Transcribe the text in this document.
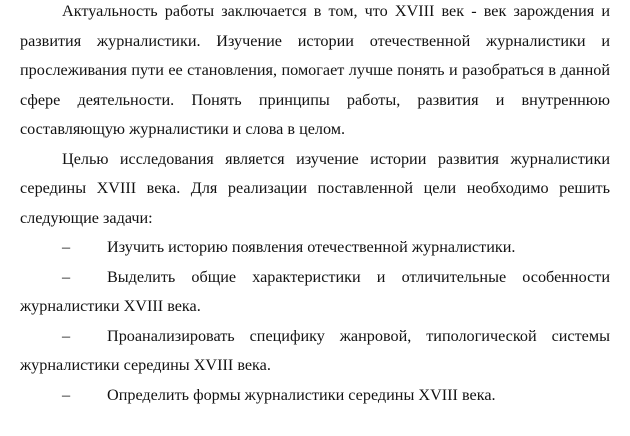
Актуальность работы заключается в том, что XVIII век - век зарождения и развития журналистики. Изучение истории отечественной журналистики и прослеживания пути ее становления, помогает лучше понять и разобраться в данной сфере деятельности. Понять принципы работы, развития и внутреннюю составляющую журналистики и слова в целом.

Целью исследования является изучение истории развития журналистики середины XVIII века. Для реализации поставленной цели необходимо решить следующие задачи:

– Изучить историю появления отечественной журналистики.

– Выделить общие характеристики и отличительные особенности журналистики XVIII века.

– Проанализировать специфику жанровой, типологической системы журналистики середины XVIII века.

– Определить формы журналистики середины XVIII века.
